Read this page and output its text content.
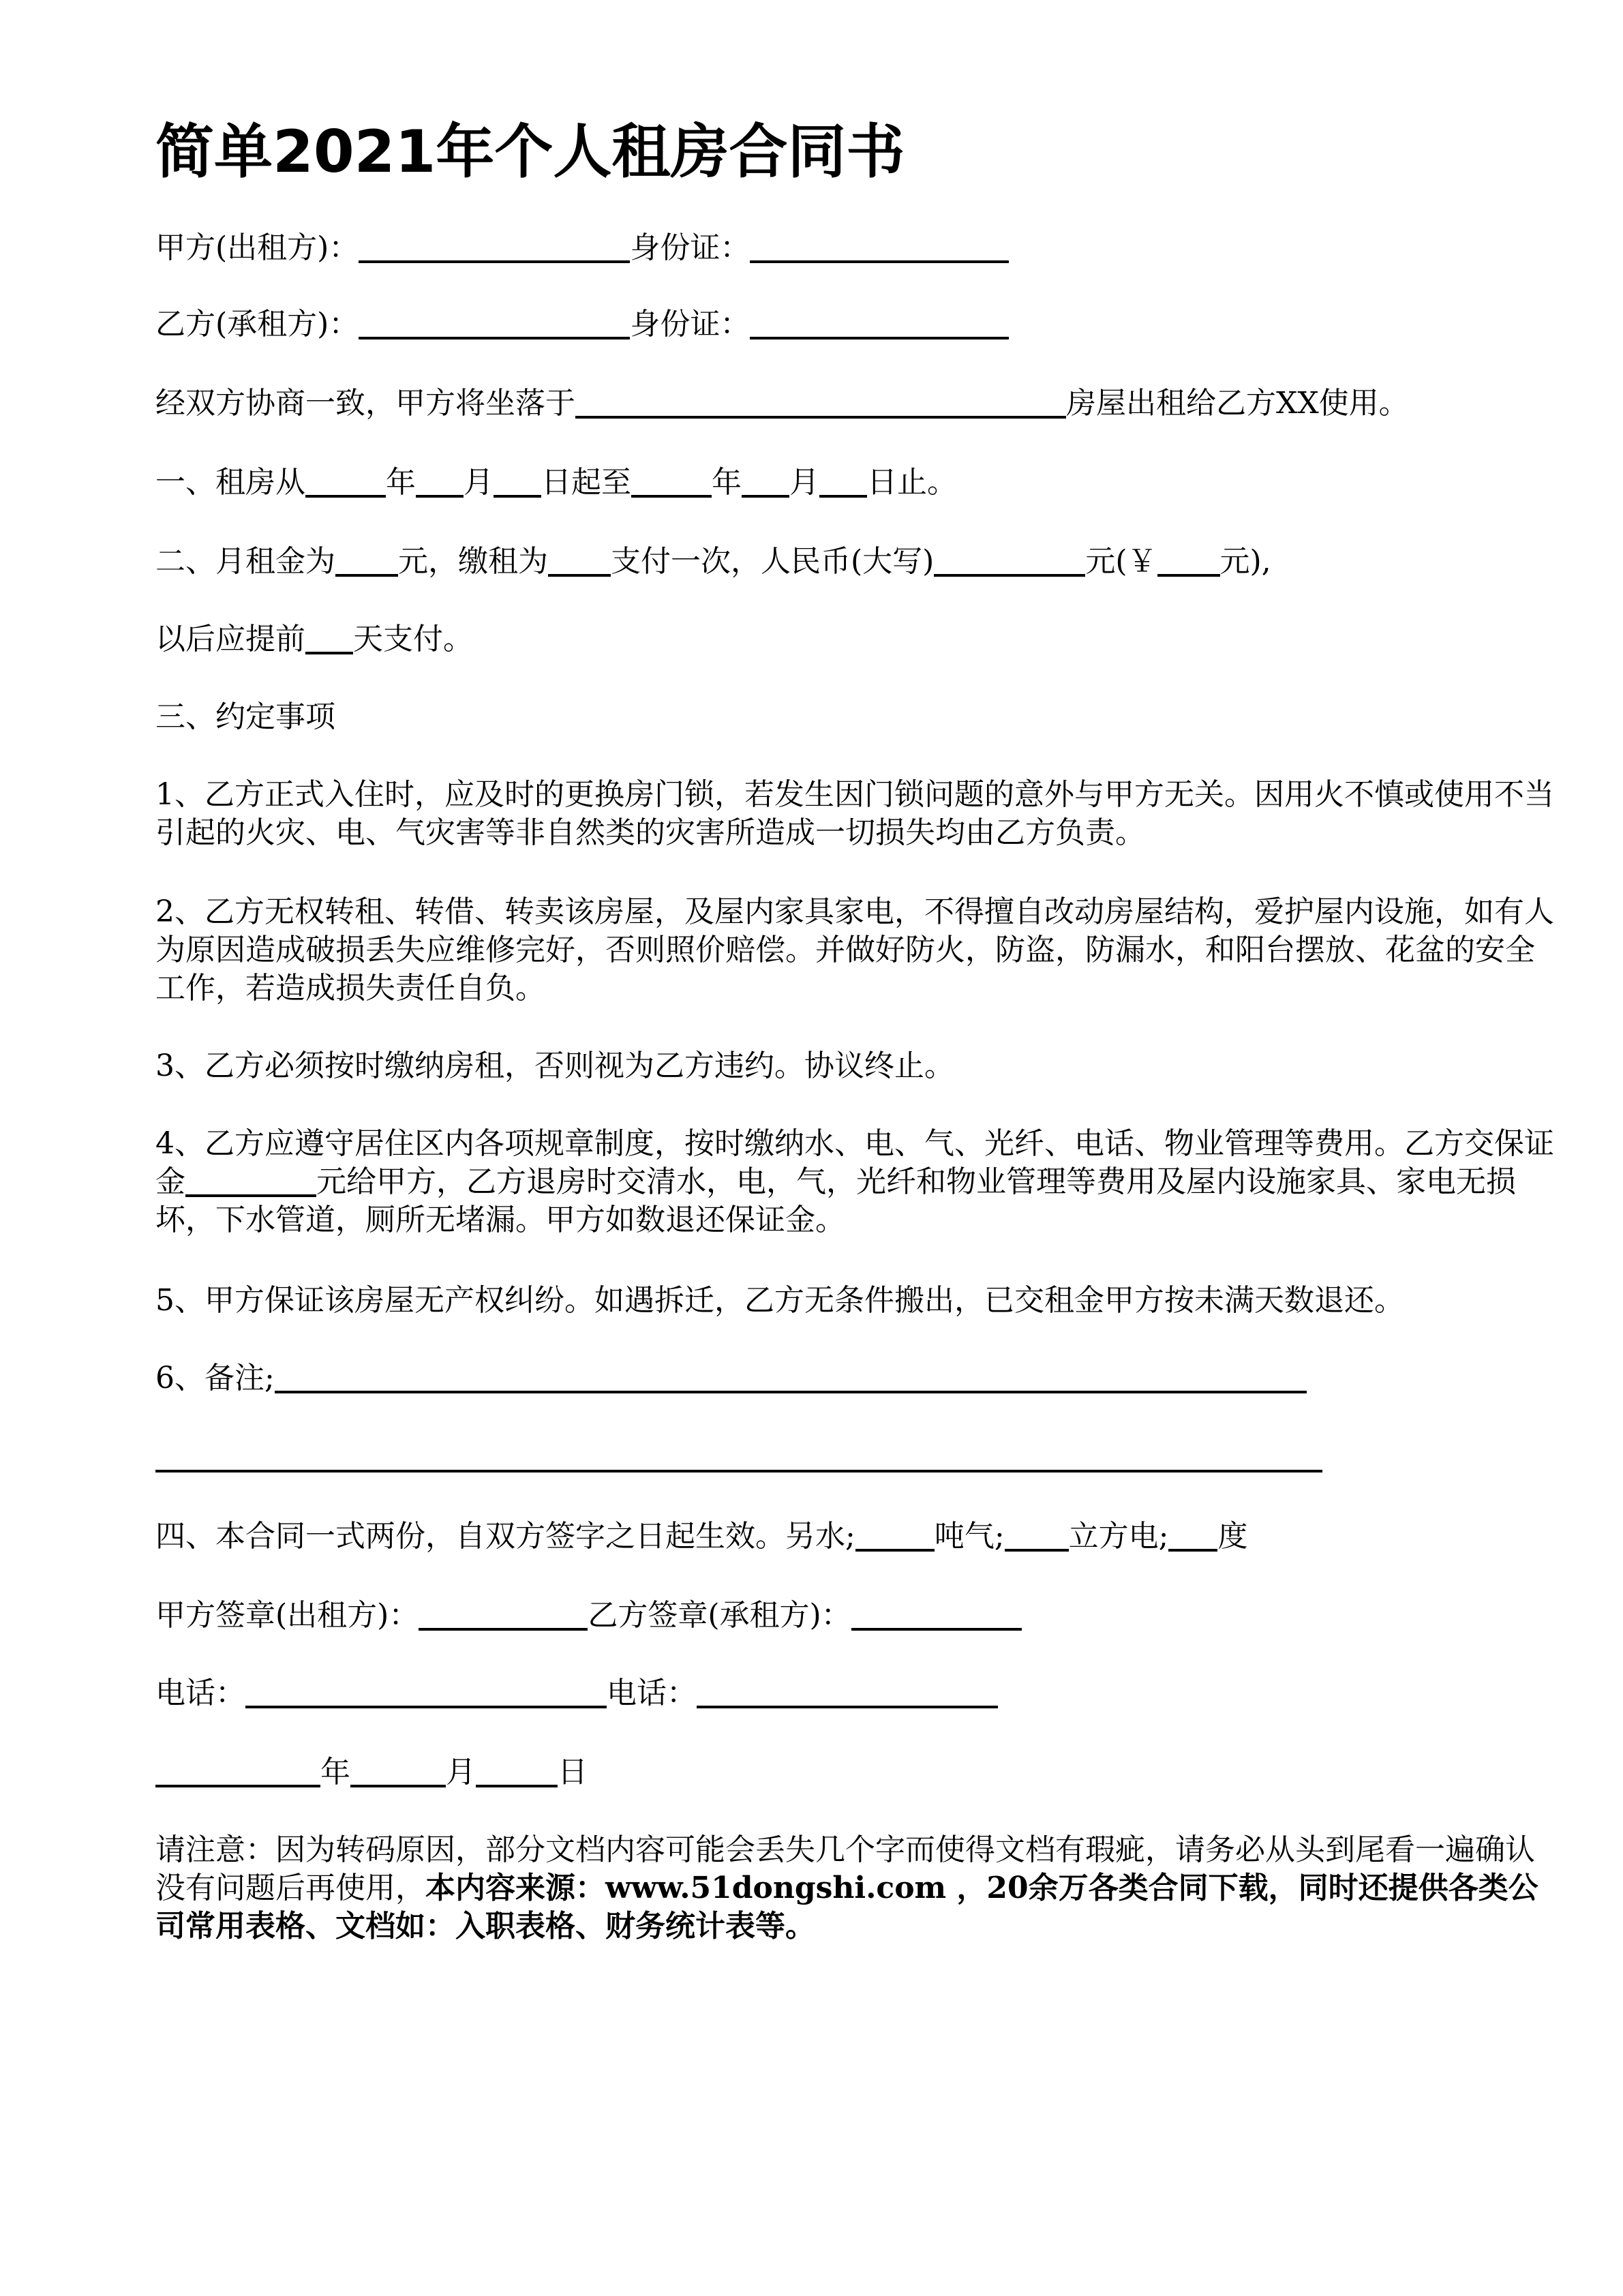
简单2021年个人租房合同书
甲方(出租方)：	身份证：
乙方(承租方)：	身份证：
经双方协商一致，甲方将坐落于	房屋出租给乙方XX使用。
一、租房从	年 月 日起至	年 月 日止。
二、月租金为 元，缴租为 支付一次，人民币(大写)	元(￥ 元),
以后应提前 天支付。
三、约定事项
1、乙方正式入住时，应及时的更换房门锁，若发生因门锁问题的意外与甲方无关。因用火不慎或使用不当引起的火灾、电、气灾害等非自然类的灾害所造成一切损失均由乙方负责。
2、乙方无权转租、转借、转卖该房屋，及屋内家具家电，不得擅自改动房屋结构，爱护屋内设施，如有人为原因造成破损丢失应维修完好，否则照价赔偿。并做好防火，防盗，防漏水，和阳台摆放、花盆的安全工作，若造成损失责任自负。
3、乙方必须按时缴纳房租，否则视为乙方违约。协议终止。
4、乙方应遵守居住区内各项规章制度，按时缴纳水、电、气、光纤、电话、物业管理等费用。乙方交保证金	元给甲方，乙方退房时交清水，电，气，光纤和物业管理等费用及屋内设施家具、家电无损坏，下水管道，厕所无堵漏。甲方如数退还保证金。
5、甲方保证该房屋无产权纠纷。如遇拆迁，乙方无条件搬出，已交租金甲方按未满天数退还。
6、备注;
四、本合同一式两份，自双方签字之日起生效。另水;	吨气; 立方电; 度
甲方签章(出租方)：	乙方签章(承租方)：
电话：	电话：
年	月	日
请注意：因为转码原因，部分文档内容可能会丢失几个字而使得文档有瑕疵，请务必从头到尾看一遍确认没有问题后再使用，本内容来源：www.51dongshi.com ，20余万各类合同下载，同时还提供各类公司常用表格、文档如：入职表格、财务统计表等。
